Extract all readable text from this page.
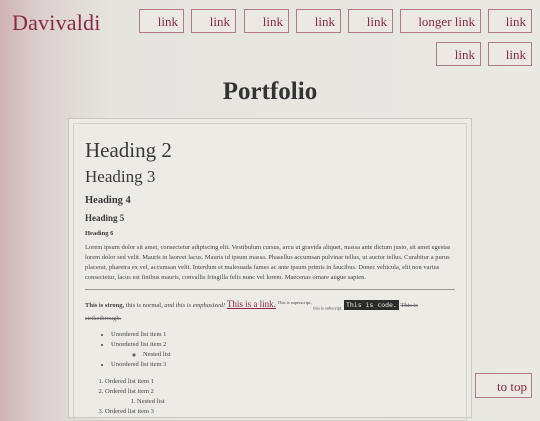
Davivaldi	link	link	link	link	link	longer link	link
link	link
Portfolio
Heading 2
Heading 3
Heading 4
Heading 5
Heading 6

Lorem ipsum dolor sit amet, consectetur adipiscing elit. Vestibulum cursus, arcu ut gravida aliquet, massa ante dictum justo, sit amet egestas lorem dolor sed velit. Mauris in laoreet lacus. Mauris id ipsum massa. Phasellus accumsan pulvinar tellus, ut auctor tellus. Curabitur a purus placerat, pharetra ex vel, accumsan velit. Interdum et malesuada fames ac ante ipsum primis in faucibus. Donec vehicula, elit non varius consectetur, lacus est finibus mauris, convallis fringilla felis nunc vel lorem. Maecenas ornare augue sapien.

This is strong, this is normal, and this is emphasized! This is a link. $^{This is superscript,}$ $_{this is subscript.}$ This is code. This is strikethrough.

• Unordered list item 1
• Unordered list item 2
◦ Nested list
• Unordered list item 3
1. Ordered list item 1
2. Ordered list item 2
1. Nested list
3. Ordered list item 3
to top
